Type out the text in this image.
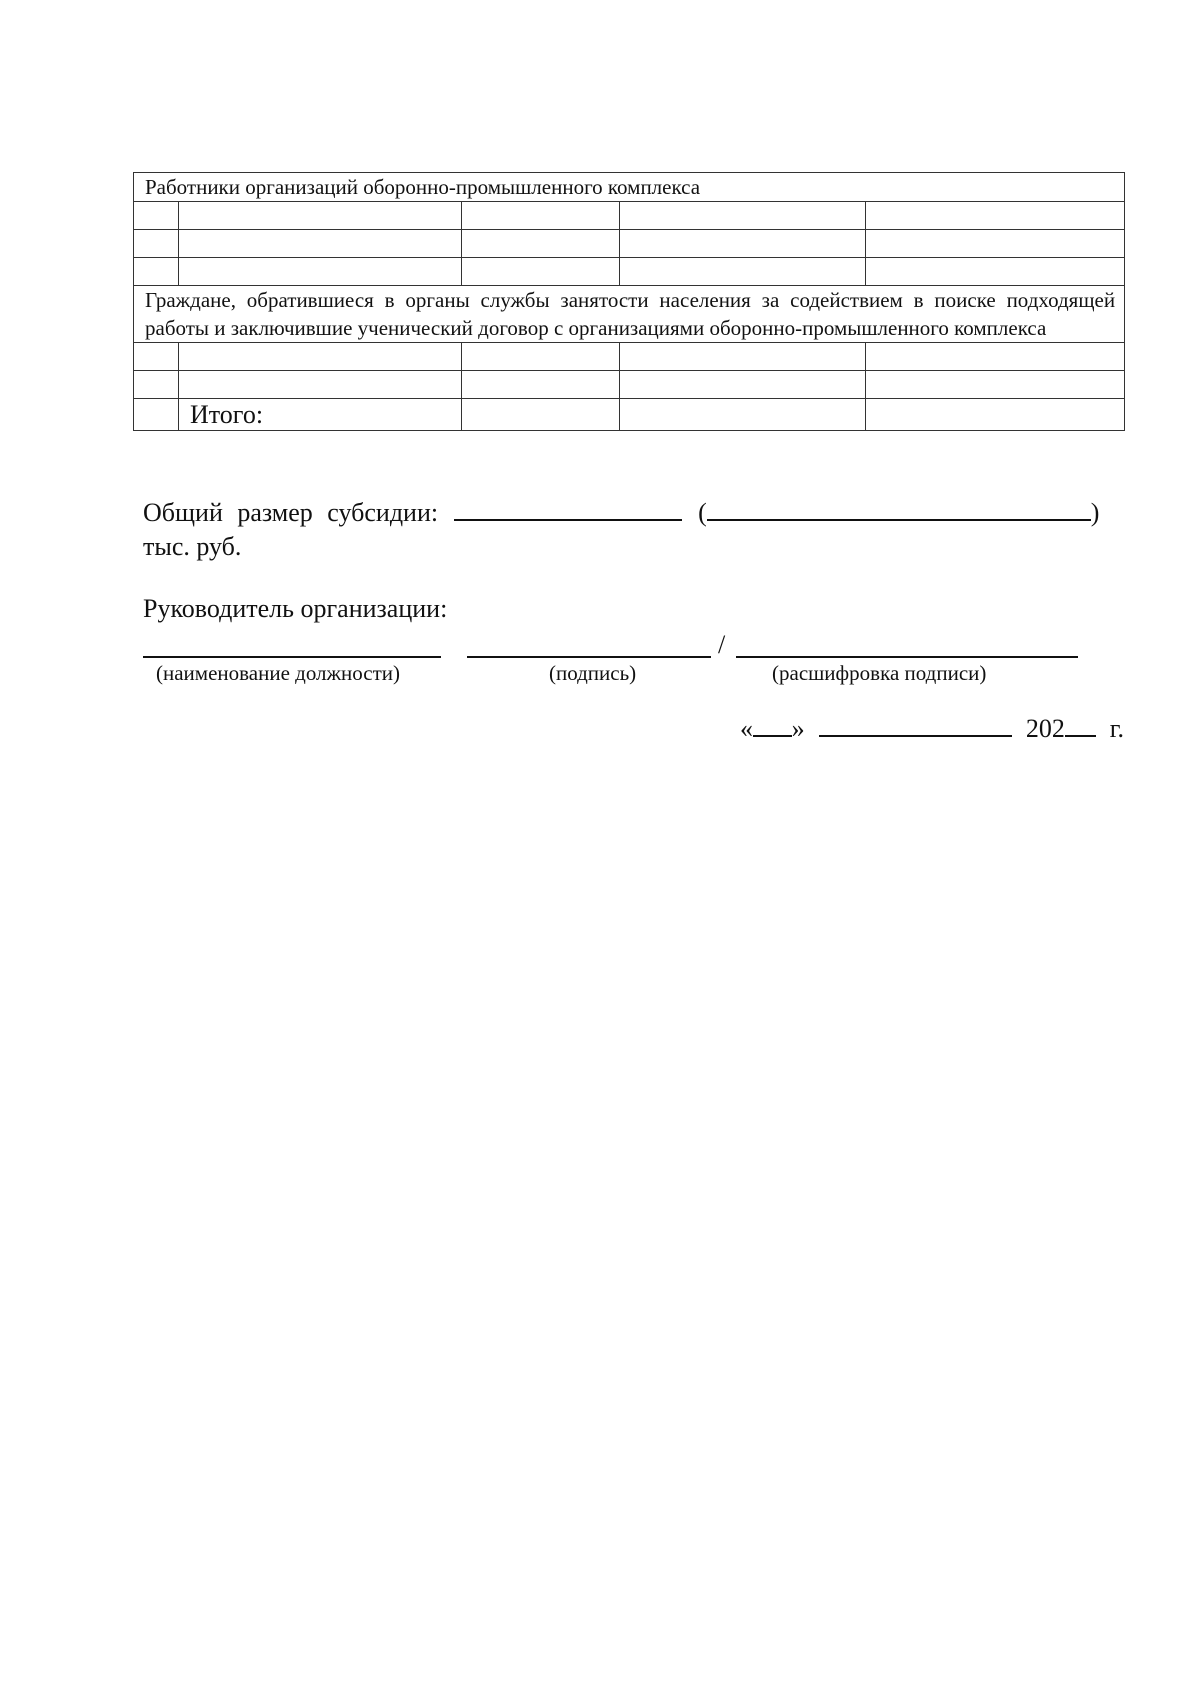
Работники организаций оборонно-промышленного комплекса				

Граждане, обратившиеся в органы службы занятости населения за содействием в поиске подходящей работы и заключившие ученический договор с организациями оборонно-промышленного комплекса				

	Итого:			

Общий размер субсидии:	(	)
тыс. руб.
Руководитель организации:
/
(наименование должности)	(подпись)	(расшифровка подписи)
« »	202 г.
